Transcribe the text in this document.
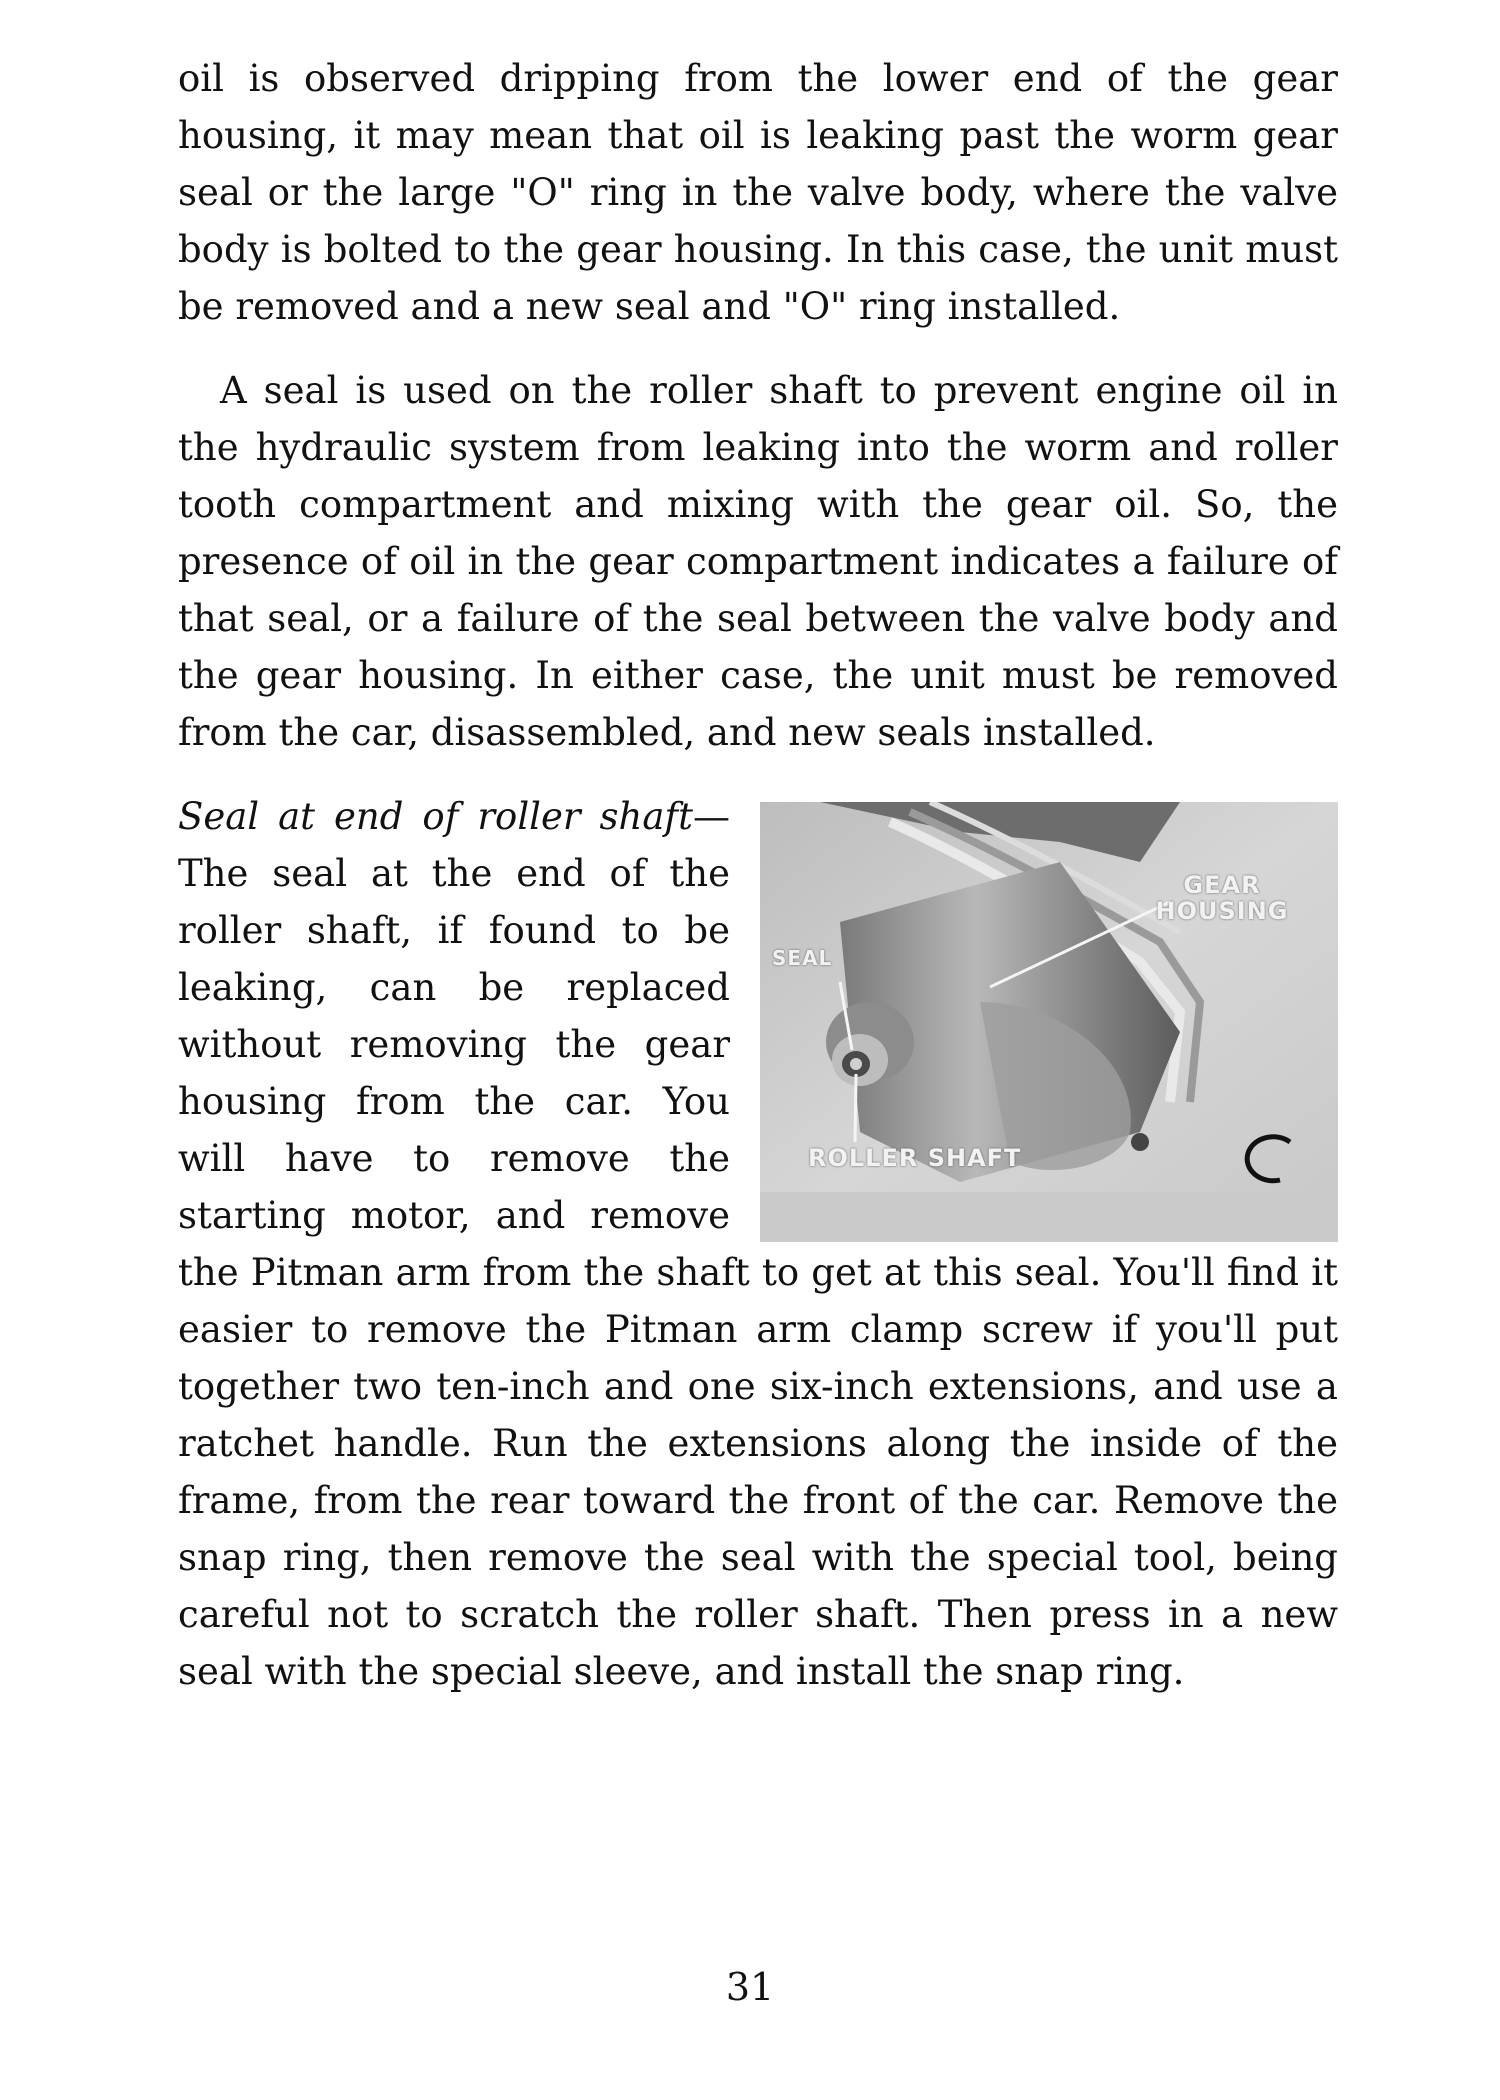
oil is observed dripping from the lower end of the gear housing, it may mean that oil is leaking past the worm gear seal or the large "O" ring in the valve body, where the valve body is bolted to the gear housing. In this case, the unit must be removed and a new seal and "O" ring installed.

A seal is used on the roller shaft to prevent engine oil in the hydraulic system from leaking into the worm and roller tooth compartment and mixing with the gear oil. So, the presence of oil in the gear compartment indicates a failure of that seal, or a failure of the seal between the valve body and the gear housing. In either case, the unit must be removed from the car, disassembled, and new seals installed.

GEAR HOUSING
SEAL
ROLLER SHAFT
Seal at end of roller shaft—The seal at the end of the roller shaft, if found to be leaking, can be replaced without removing the gear housing from the car. You will have to remove the starting motor, and remove the Pitman arm from the shaft to get at this seal. You'll find it easier to remove the Pitman arm clamp screw if you'll put together two ten-inch and one six-inch extensions, and use a ratchet handle. Run the extensions along the inside of the frame, from the rear toward the front of the car. Remove the snap ring, then remove the seal with the special tool, being careful not to scratch the roller shaft. Then press in a new seal with the special sleeve, and install the snap ring.

31
